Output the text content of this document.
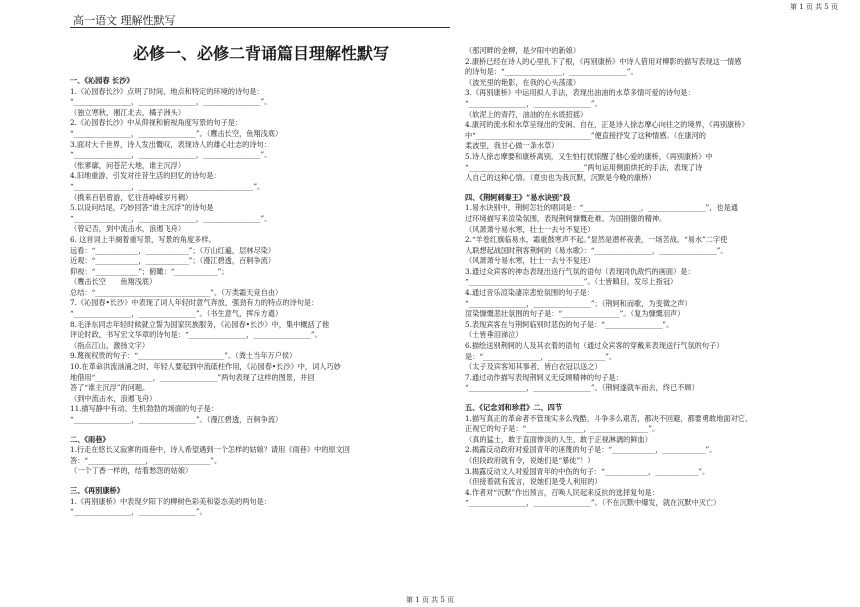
第 1 页 共 5 页
高一语文 理解性默写
必修一、必修二背诵篇目理解性默写
一、《沁园春 长沙》
1.《沁园春长沙》点明了时间、地点和特定的环境的诗句是：
“________________，________________，________________”。
（独立寒秋，湘江北去，橘子洲头）
2.《沁园春长沙》中从仰视和俯视角度写景的句子是：
“________________，________________”。（鹰击长空，鱼翔浅底）
3.面对大千世界，诗人发出慨叹，表现诗人的雄心壮志的诗句：
“________________，________________，________________”。
（怅寥廓，问苍茫大地，谁主沉浮）
4.旧地重游，引发对往昔生活的回忆的诗句是：
“________________，________________________________”。
（携来百侣曾游，忆往昔峥嵘岁月稠）
5.以设问结尾，巧妙回答“谁主沉浮”的诗句是
“________________，________________，________________”。
（曾记否，到中流击水，浪遏飞舟）
6. 这首词上半阕着重写景，写景的角度多样。
远看：“____________，____________”；（万山红遍，层林尽染）
近观：“____________，____________”；（漫江碧透，百舸争流）
仰视：“____________”；俯瞰：“____________”；
（鹰击长空　　鱼翔浅底）
总结：“________________________________”。（万类霜天竞自由）
7.《沁园春•长沙》中表现了词人年轻时意气奔放，强劲有力的特点的诗句是：
“________________，________________”。（书生意气，挥斥方遒）
8.毛泽东同志年轻时候就立誓为国家民族服务，《沁园春•长沙》中，集中概括了他
评论时政，书写宏文华章的诗句是：“________________，________________”。
（指点江山，激扬文字）
9.蔑视权贵的句子：“________________________”。（粪土当年万户侯）
10.在革命洪流汹涌之时，年轻人要起到中流砥柱作用，《沁园春•长沙》中，词人巧妙
地借用“________________，________________”两句表现了这样的图景，并回
答了“谁主沉浮”的问题。
（到中流击水，浪遏飞舟）
11.描写静中有动、生机勃勃的场面的句子是：
“________________，________________”。（漫江碧透，百舸争流）
二、《雨巷》
1.行走在悠长又寂寥的雨巷中，诗人希望遇到一个怎样的姑娘？请用《雨巷》中的原文回
答：“________________，________________”。
（一个丁香一样的，结着愁怨的姑娘）
三、《再别康桥》
1.《再别康桥》中表现夕阳下的柳树色彩美和姿态美的两句是：
“________________，________________”。
（那河畔的金柳，是夕阳中的新娘）
2.康桥已经在诗人的心里扎下了根，《再别康桥》中诗人借用对柳影的描写表现这一情感
的诗句是：“________________，________________”。
（波光里的艳影，在我的心头荡漾）
3.《再别康桥》中运用拟人手法，表现出油油的水草多情可爱的诗句是：
“________________，________________”。
（软泥上的青荇，油油的在水底招摇）
4.康河的流水和水草呈现出的安闲、自在，正是诗人徐志摩心向往之的境界，《再别康桥》
中“________________________________”便直接抒发了这种情感。（在康河的
柔波里，我甘心做一条水草）
5.诗人徐志摩要和康桥离别，又生怕打扰惊醒了他心爱的康桥，《再别康桥》中
“________________________________”两句运用侧面烘托的手法，表现了诗
人自己的这种心情。（夏虫也为我沉默，沉默是今晚的康桥）
四、《荆轲刺秦王》“易水诀别”段
1.易水诀别中，荆轲怎壮的唱词是：“________________，________________”，也是通
过环境描写来渲染氛围，表现荆轲慷慨赴难、为国捐躯的精神。
（风萧萧兮易水寒，壮士一去兮不复还）
2.“羊卷红旗临易水，霜重鼓寒声不起。”显然是潜杯夜袭，一场苦战。“易水”二字使
人联想起战国时荆客荆轲的《易水歌》：“________________，________________”。
（风萧萧兮易水寒，壮士一去兮不复还）
3.通过众宾客的神态表现出送行气氛的语句（表现同仇敌忾的画面）是：
“________________________________”。（士皆瞋目，发尽上指冠）
4.通过音乐渲染凄凉悲怆氛围的句子是：
“________________，________________”；（荆轲和而歌，为变徵之声）
渲染慷慨悲壮氛围的句子是：“________________”。（复为慷慨羽声）
5.表现宾客在与荆轲临别时悲伤的句子是：“________________”。
（士皆垂泪涕泣）
6.描绘送别荆轲的人及其衣着的语句（通过众宾客的穿戴来表现送行气氛的句子）
是：“________________，________________”。
（太子及宾客知其事者，皆白衣冠以送之）
7.通过动作描写表现荆轲义无反顾精神的句子是：
“________________，________________”。（荆轲遂就车而去，终已不顾）
五、《记念刘和珍君》二、四节
1.描写真正的革命者不管现实多么残酷，斗争多么艰苦，都决不回避，都要勇敢地面对它、
正视它的句子是：“________________，________________”。
（真的猛士，敢于直面惨淡的人生，敢于正视淋漓的鲜血）
2.揭露反动政府对爱国青年的诬蔑的句子是：“____________，____________”。
（但段政府就有令，说她们是“暴徒”！）
3.揭露反动文人对爱国青年的中伤的句子：“____________，____________”。
（但接着就有流言，说她们是受人利用的）
4.作者对“沉默”作出预言，召唤人民起来反抗的选择复句是：
“________________，________________”。（不在沉默中爆发，就在沉默中灭亡）
第 1 页 共 5 页
